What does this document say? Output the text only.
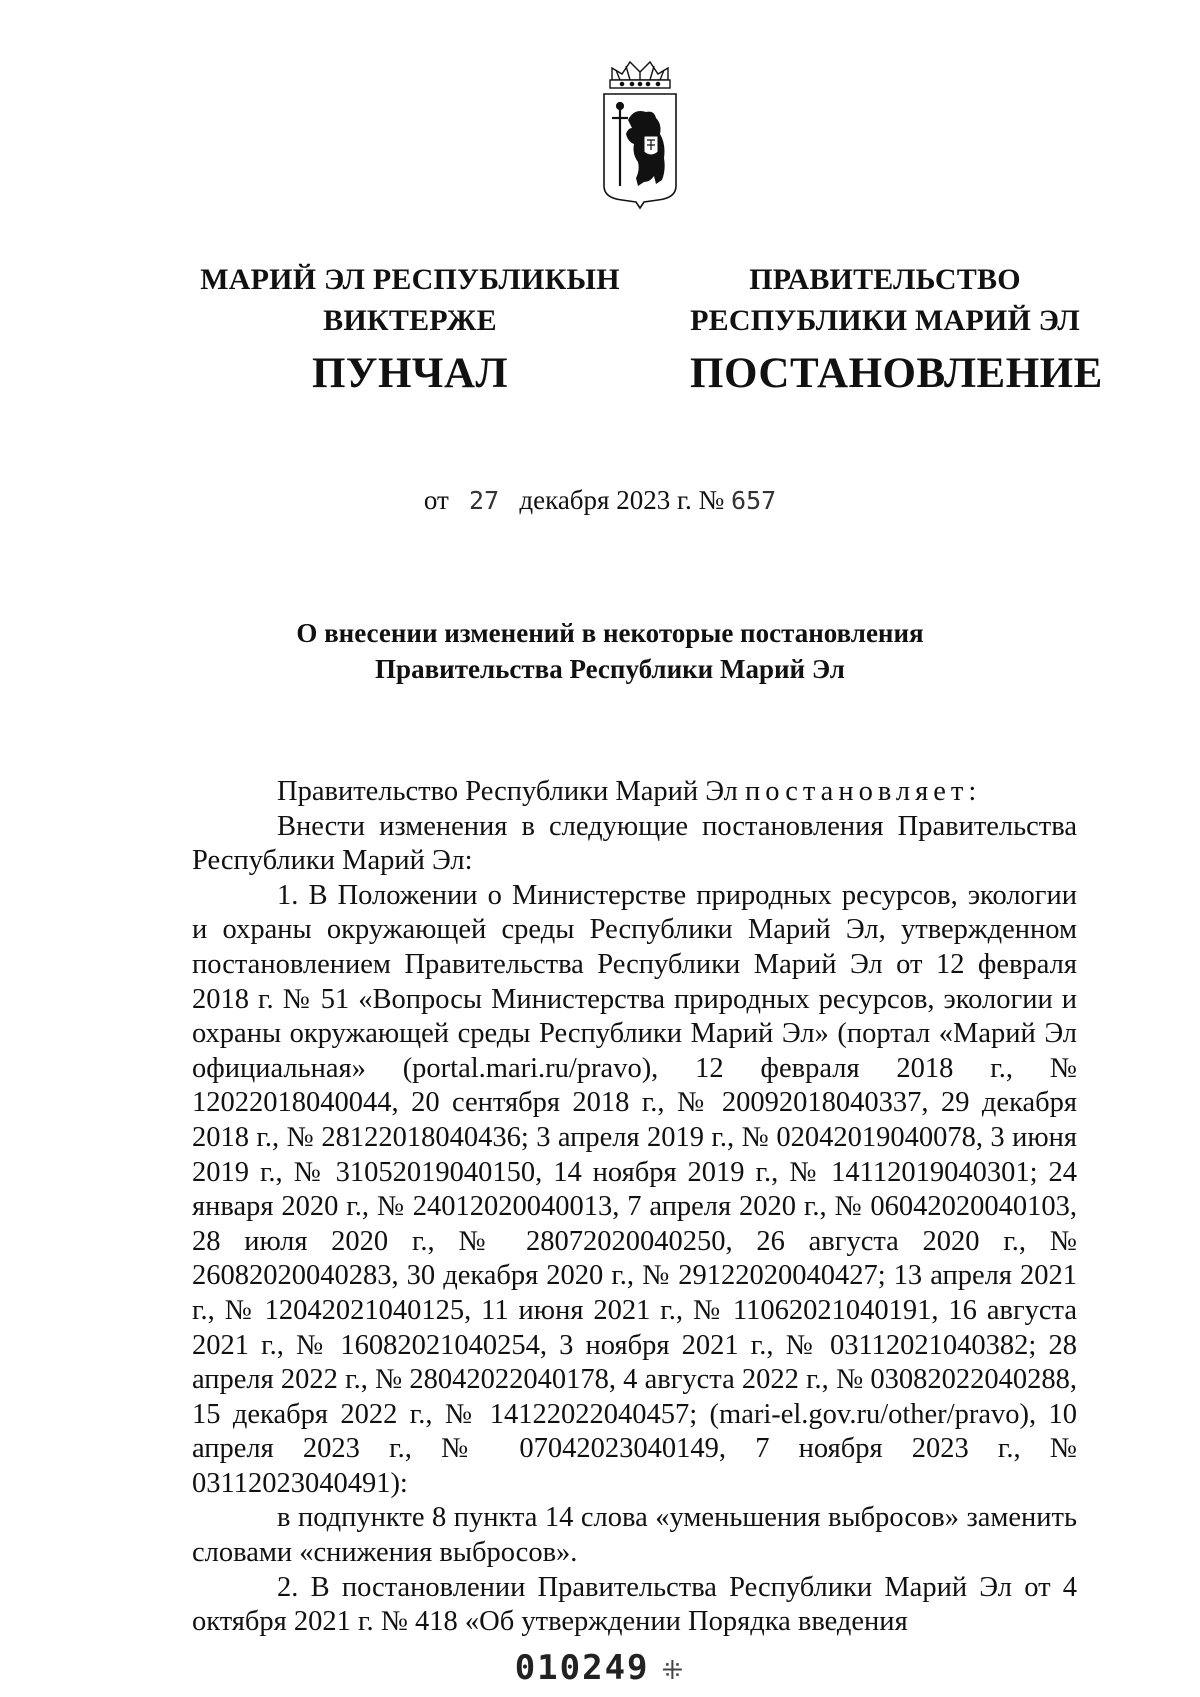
МАРИЙ ЭЛ РЕСПУБЛИКЫН
ВИКТЕРЖЕ
ПУНЧАЛ
ПРАВИТЕЛЬСТВО
РЕСПУБЛИКИ МАРИЙ ЭЛ
ПОСТАНОВЛЕНИЕ
от 27 декабря 2023 г. № 657
О внесении изменений в некоторые постановления
Правительства Республики Марий Эл

Правительство Республики Марий Эл постановляет:

Внести изменения в следующие постановления Правительства Республики Марий Эл:

1. В Положении о Министерстве природных ресурсов, экологии и охраны окружающей среды Республики Марий Эл, утвержденном постановлением Правительства Республики Марий Эл от 12 февраля 2018 г. № 51 «Вопросы Министерства природных ресурсов, экологии и охраны окружающей среды Республики Марий Эл» (портал «Марий Эл официальная» (portal.mari.ru/pravo), 12 февраля 2018 г., № 12022018040044, 20 сентября 2018 г., № 20092018040337, 29 декабря 2018 г., № 28122018040436; 3 апреля 2019 г., № 02042019040078, 3 июня 2019 г., № 31052019040150, 14 ноября 2019 г., № 14112019040301; 24 января 2020 г., № 24012020040013, 7 апреля 2020 г., № 06042020040103, 28 июля 2020 г., № 28072020040250, 26 августа 2020 г., № 26082020040283, 30 декабря 2020 г., № 29122020040427; 13 апреля 2021 г., № 12042021040125, 11 июня 2021 г., № 11062021040191, 16 августа 2021 г., № 16082021040254, 3 ноября 2021 г., № 03112021040382; 28 апреля 2022 г., № 28042022040178, 4 августа 2022 г., № 03082022040288, 15 декабря 2022 г., № 14122022040457; (mari-el.gov.ru/other/pravo), 10 апреля 2023 г., № 07042023040149, 7 ноября 2023 г., № 03112023040491):

в подпункте 8 пункта 14 слова «уменьшения выбросов» заменить словами «снижения выбросов».

2. В постановлении Правительства Республики Марий Эл от 4 октября 2021 г. № 418 «Об утверждении Порядка введения

010249 ⁜
